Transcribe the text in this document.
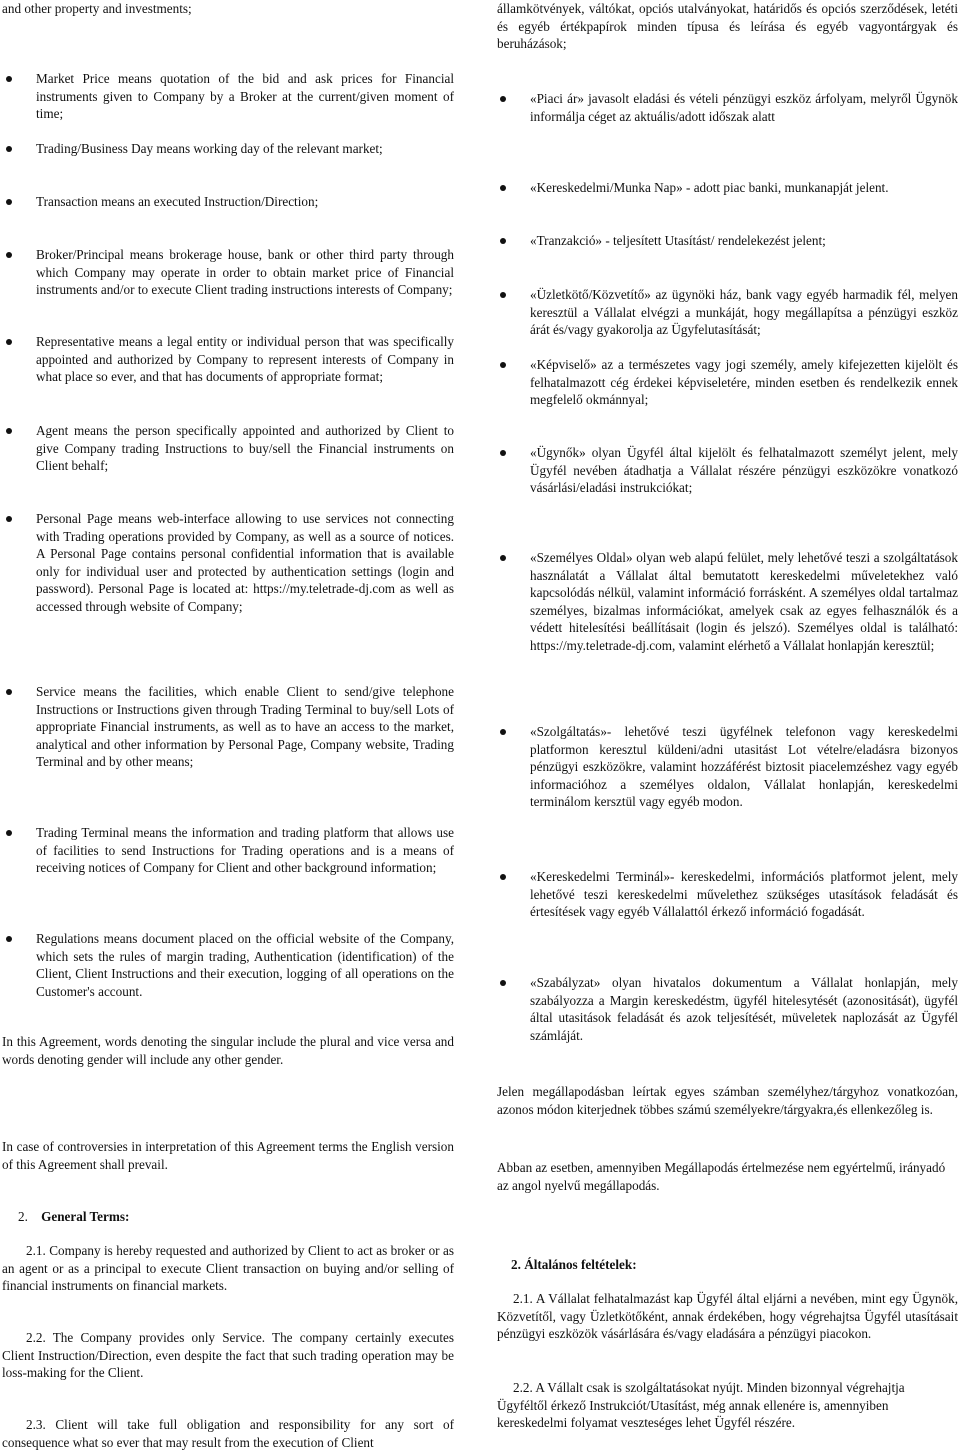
and other property and investments;

Market Price means quotation of the bid and ask prices for Financial instruments given to Company by a Broker at the current/given moment of time;

Trading/Business Day means working day of the relevant market;

Transaction means an executed Instruction/Direction;

Broker/Principal means brokerage house, bank or other third party through which Company may operate in order to obtain market price of Financial instruments and/or to execute Client trading instructions interests of Company;

Representative means a legal entity or individual person that was specifically appointed and authorized by Company to represent interests of Company in what place so ever, and that has documents of appropriate format;

Agent means the person specifically appointed and authorized by Client to give Company trading Instructions to buy/sell the Financial instruments on Client behalf;

Personal Page means web-interface allowing to use services not connecting with Trading operations provided by Company, as well as a source of notices. A Personal Page contains personal confidential information that is available only for individual user and protected by authentication settings (login and password). Personal Page is located at: https://my.teletrade-dj.com as well as accessed through website of Company;

Service means the facilities, which enable Client to send/give telephone Instructions or Instructions given through Trading Terminal to buy/sell Lots of appropriate Financial instruments, as well as to have an access to the market, analytical and other information by Personal Page, Company website, Trading Terminal and by other means;

Trading Terminal means the information and trading platform that allows use of facilities to send Instructions for Trading operations and is a means of receiving notices of Company for Client and other background information;

Regulations means document placed on the official website of the Company, which sets the rules of margin trading, Authentication (identification) of the Client, Client Instructions and their execution, logging of all operations on the Customer's account.

In this Agreement, words denoting the singular include the plural and vice versa and words denoting gender will include any other gender.

In case of controversies in interpretation of this Agreement terms the English version of this Agreement shall prevail.

2. General Terms:

2.1. Company is hereby requested and authorized by Client to act as broker or as an agent or as a principal to execute Client transaction on buying and/or selling of financial instruments on financial markets.

2.2. The Company provides only Service. The company certainly executes Client Instruction/Direction, even despite the fact that such trading operation may be loss-making for the Client.

2.3. Client will take full obligation and responsibility for any sort of consequence what so ever that may result from the execution of Client

államkötvények, váltókat, opciós utalványokat, határidős és opciós szerződések, letéti és egyéb értékpapírok minden típusa és leírása és egyéb vagyontárgyak és beruházások;

«Piaci ár» javasolt eladási és vételi pénzügyi eszköz árfolyam, melyről Ügynök informálja céget az aktuális/adott időszak alatt

«Kereskedelmi/Munka Nap» - adott piac banki, munkanapját jelent.

«Tranzakció» - teljesített Utasítást/ rendelekezést jelent;

«Üzletkötő/Közvetítő» az ügynöki ház, bank vagy egyéb harmadik fél, melyen keresztül a Vállalat elvégzi a munkáját, hogy megállapítsa a pénzügyi eszköz árát és/vagy gyakorolja az Ügyfelutasítását;

«Képviselő» az a természetes vagy jogi személy, amely kifejezetten kijelölt és felhatalmazott cég érdekei képviseletére, minden esetben és rendelkezik ennek megfelelő okmánnyal;

«Ügynők» olyan Ügyfél által kijelölt és felhatalmazott személyt jelent, mely Ügyfél nevében átadhatja a Vállalat részére pénzügyi eszközökre vonatkozó vásárlási/eladási instrukciókat;

«Személyes Oldal» olyan web alapú felület, mely lehetővé teszi a szolgáltatások használatát a Vállalat által bemutatott kereskedelmi műveletekhez való kapcsolódás nélkül, valamint információ forrásként. A személyes oldal tartalmaz személyes, bizalmas információkat, amelyek csak az egyes felhasználók és a védett hitelesítési beállításait (login és jelszó). Személyes oldal is található: https://my.teletrade-dj.com, valamint elérhető a Vállalat honlapján keresztül;

«Szolgáltatás»- lehetővé teszi ügyfélnek telefonon vagy kereskedelmi platformon keresztul küldeni/adni utasitást Lot vételre/eladásra bizonyos pénzügyi eszközökre, valamint hozzáférést biztosit piacelemzéshez vagy egyéb informacióhoz a személyes oldalon, Vállalat honlapján, kereskedelmi terminálom kersztül vagy egyéb modon.

«Kereskedelmi Terminál»- kereskedelmi, információs platformot jelent, mely lehetővé teszi kereskedelmi művelethez szükséges utasítások feladását és értesítések vagy egyéb Vállalattól érkező információ fogadását.

«Szabályzat» olyan hivatalos dokumentum a Vállalat honlapján, mely szabályozza a Margin kereskedéstm, ügyfél hitelesytését (azonositását), ügyfél által utasitások feladását és azok teljesítését, müveletek naplozását az Ügyfél számláját.

Jelen megállapodásban leírtak egyes számban személyhez/tárgyhoz vonatkozóan, azonos módon kiterjednek többes számú személyekre/tárgyakra,és ellenkezőleg is.

Abban az esetben, amennyiben Megállapodás értelmezése nem egyértelmű, irányadó az angol nyelvű megállapodás.

2. Általános feltételek:

2.1. A Vállalat felhatalmazást kap Ügyfél által eljárni a nevében, mint egy Ügynök, Közvetítől, vagy Üzletkötőként, annak érdekében, hogy végrehajtsa Ügyfél utasításait pénzügyi eszközök vásárlására és/vagy eladására a pénzügyi piacokon.

2.2. A Vállalt csak is szolgáltatásokat nyújt. Minden bizonnyal végrehajtja Ügyféltől érkező Instrukciót/Utasítást, még annak ellenére is, amennyiben kereskedelmi folyamat veszteséges lehet Ügyfél részére.
